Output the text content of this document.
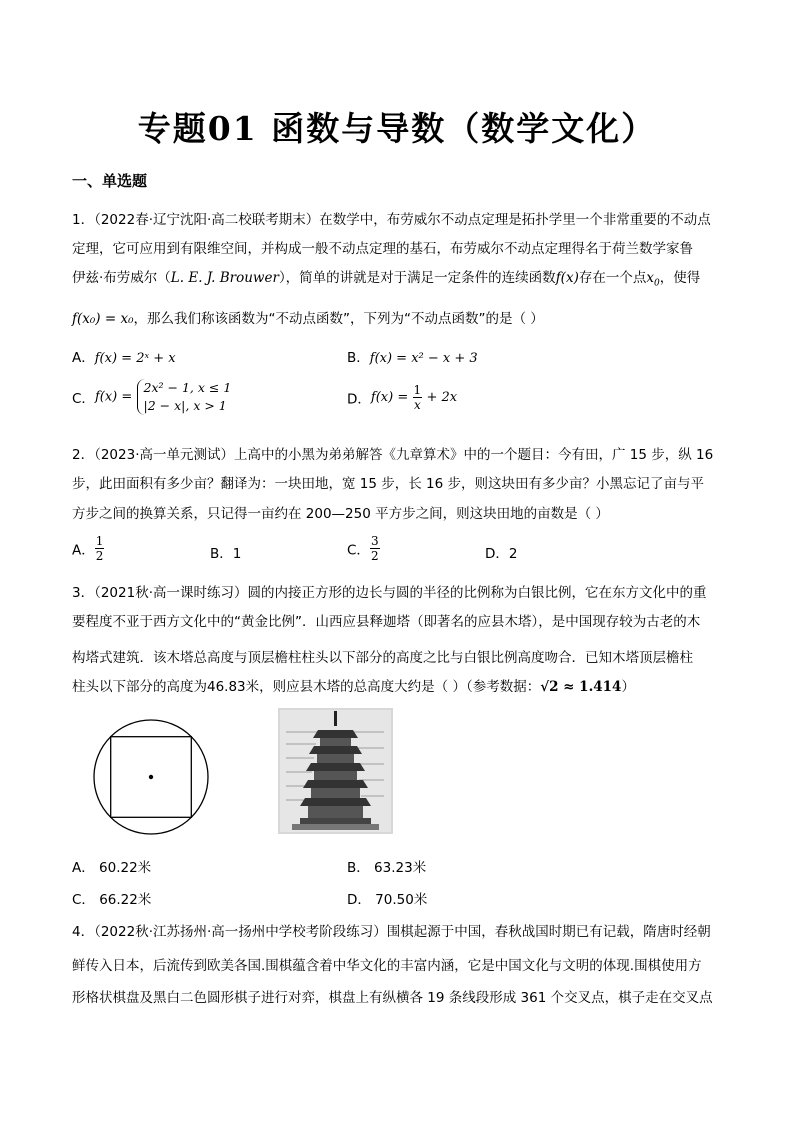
专题01 函数与导数（数学文化）
一、单选题
1．（2022春·辽宁沈阳·高二校联考期末）在数学中，布劳威尔不动点定理是拓扑学里一个非常重要的不动点
定理，它可应用到有限维空间，并构成一般不动点定理的基石，布劳威尔不动点定理得名于荷兰数学家鲁
伊兹·布劳威尔（L. E. J. Brouwer），简单的讲就是对于满足一定条件的连续函数f(x)存在一个点$x_0$，使得
f(x₀) = x₀，那么我们称该函数为“不动点函数”，下列为“不动点函数”的是（ ）
A．f(x) = 2ˣ + x	B．f(x) = x² − x + 3
C．f(x) =
2x² − 1, x ≤ 1
|2 − x|, x > 1	D．$f(x) = \frac{1}{x} + 2x$
2．（2023·高一单元测试）上高中的小黑为弟弟解答《九章算术》中的一个题目：今有田，广 15 步，纵 16
步，此田面积有多少亩？翻译为：一块田地，宽 15 步，长 16 步，则这块田有多少亩？小黑忘记了亩与平
方步之间的换算关系，只记得一亩约在 200—250 平方步之间，则这块田地的亩数是（ ）
A． $\frac{1}{2}$	B．1	C． $\frac{3}{2}$	D．2
3．（2021秋·高一课时练习）圆的内接正方形的边长与圆的半径的比例称为白银比例，它在东方文化中的重
要程度不亚于西方文化中的“黄金比例”．山西应县释迦塔（即著名的应县木塔），是中国现存较为古老的木
构塔式建筑．该木塔总高度与顶层檐柱柱头以下部分的高度之比与白银比例高度吻合．已知木塔顶层檐柱
柱头以下部分的高度为46.83米，则应县木塔的总高度大约是（ ）（参考数据：√2 ≈ 1.414）
A． 60.22米	B． 63.23米
C． 66.22米	D． 70.50米
4．（2022秋·江苏扬州·高一扬州中学校考阶段练习）围棋起源于中国，春秋战国时期已有记载，隋唐时经朝
鲜传入日本，后流传到欧美各国.围棋蕴含着中华文化的丰富内涵，它是中国文化与文明的体现.围棋使用方
形格状棋盘及黑白二色圆形棋子进行对弈，棋盘上有纵横各 19 条线段形成 361 个交叉点，棋子走在交叉点
